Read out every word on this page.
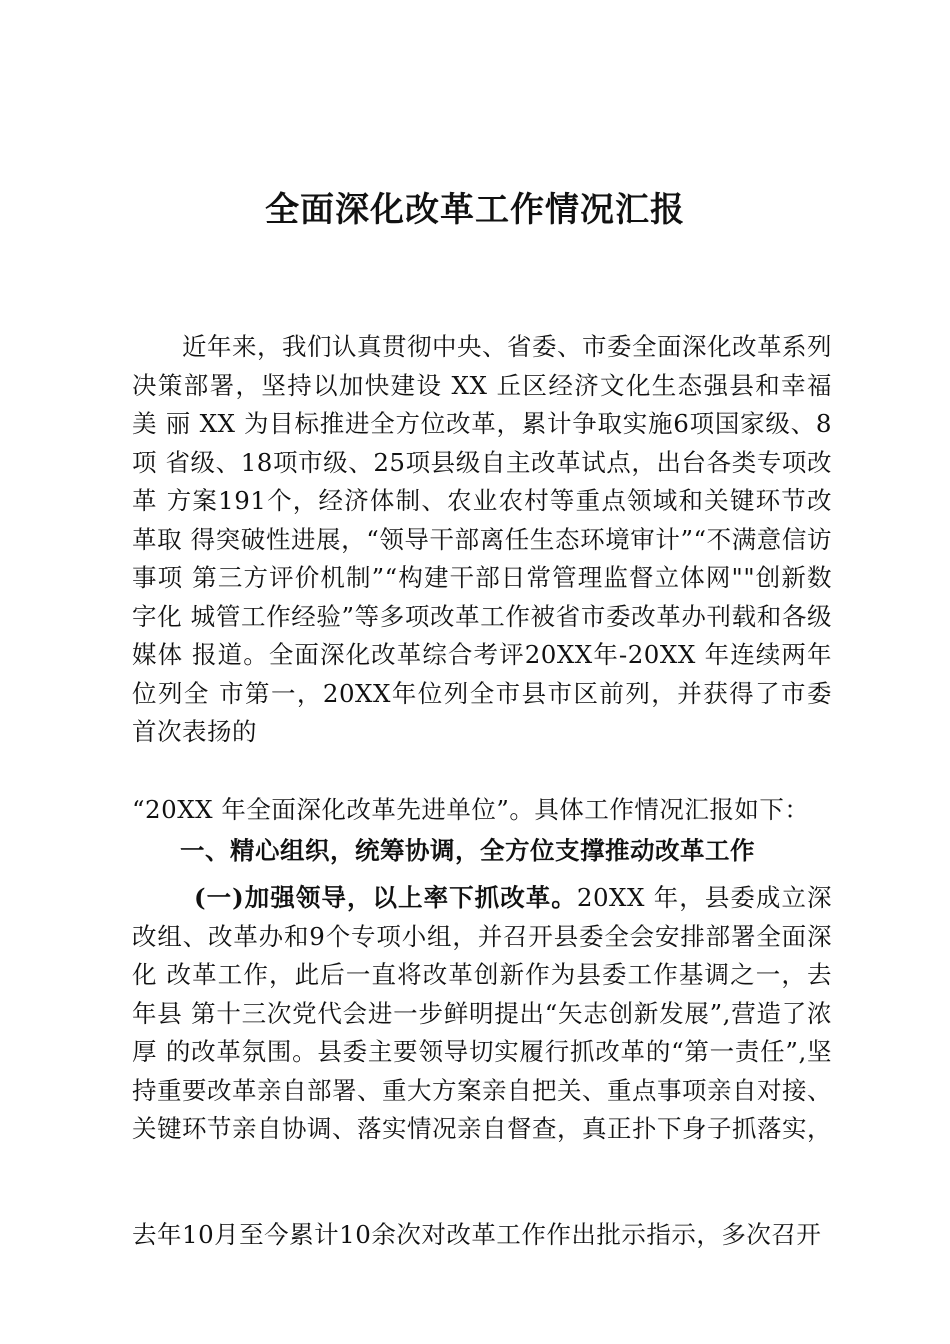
全面深化改革工作情况汇报
近年来，我们认真贯彻中央、省委、市委全面深化改革系列决策部署，坚持以加快建设 XX 丘区经济文化生态强县和幸福美 丽 XX 为目标推进全方位改革，累计争取实施6项国家级、8项 省级、18项市级、25项县级自主改革试点，出台各类专项改革 方案191个，经济体制、农业农村等重点领域和关键环节改革取 得突破性进展，“领导干部离任生态环境审计”“不满意信访事项 第三方评价机制”“构建干部日常管理监督立体网""创新数字化 城管工作经验”等多项改革工作被省市委改革办刊载和各级媒体 报道。全面深化改革综合考评20XX年-20XX 年连续两年位列全 市第一，20XX年位列全市县市区前列，并获得了市委首次表扬的
“20XX 年全面深化改革先进单位”。具体工作情况汇报如下：
一、精心组织，统筹协调，全方位支撑推动改革工作
(一)加强领导，以上率下抓改革。20XX 年，县委成立深改组、改革办和9个专项小组，并召开县委全会安排部署全面深化 改革工作，此后一直将改革创新作为县委工作基调之一，去年县 第十三次党代会进一步鲜明提出“矢志创新发展”,营造了浓厚 的改革氛围。县委主要领导切实履行抓改革的“第一责任”,坚 持重要改革亲自部署、重大方案亲自把关、重点事项亲自对接、 关键环节亲自协调、落实情况亲自督查，真正扑下身子抓落实，
去年10月至今累计10余次对改革工作作出批示指示，多次召开
